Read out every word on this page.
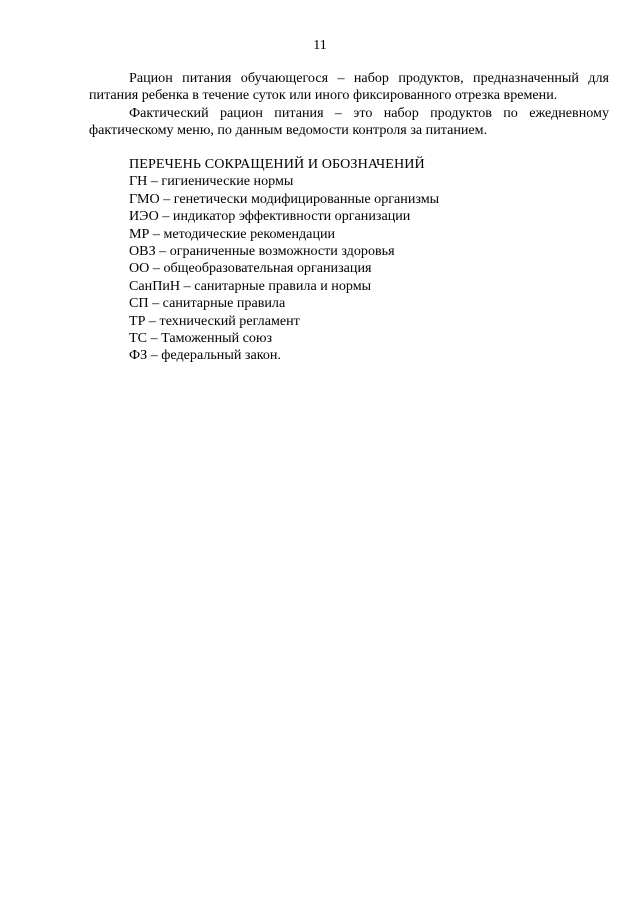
11

Рацион питания обучающегося – набор продуктов, предназначенный для питания ребенка в течение суток или иного фиксированного отрезка времени.

Фактический рацион питания – это набор продуктов по ежедневному фактическому меню, по данным ведомости контроля за питанием.

ПЕРЕЧЕНЬ СОКРАЩЕНИЙ И ОБОЗНАЧЕНИЙ

ГН – гигиенические нормы
ГМО – генетически модифицированные организмы
ИЭО – индикатор эффективности организации
МР – методические рекомендации
ОВЗ – ограниченные возможности здоровья
ОО – общеобразовательная организация
СанПиН – санитарные правила и нормы
СП – санитарные правила
ТР – технический регламент
ТС – Таможенный союз
ФЗ – федеральный закон.
